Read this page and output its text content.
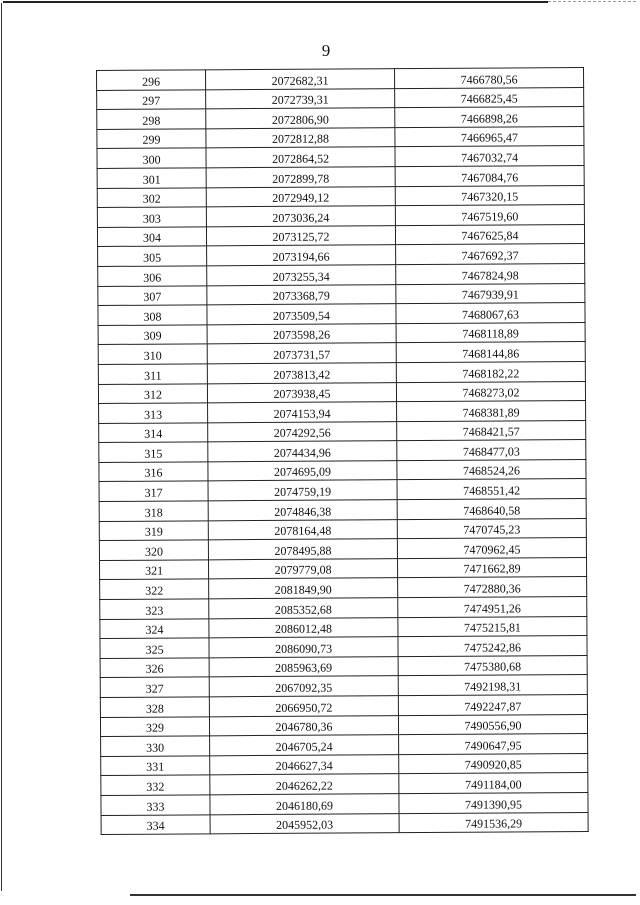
9
296	2072682,31	7466780,56
297	2072739,31	7466825,45
298	2072806,90	7466898,26
299	2072812,88	7466965,47
300	2072864,52	7467032,74
301	2072899,78	7467084,76
302	2072949,12	7467320,15
303	2073036,24	7467519,60
304	2073125,72	7467625,84
305	2073194,66	7467692,37
306	2073255,34	7467824,98
307	2073368,79	7467939,91
308	2073509,54	7468067,63
309	2073598,26	7468118,89
310	2073731,57	7468144,86
311	2073813,42	7468182,22
312	2073938,45	7468273,02
313	2074153,94	7468381,89
314	2074292,56	7468421,57
315	2074434,96	7468477,03
316	2074695,09	7468524,26
317	2074759,19	7468551,42
318	2074846,38	7468640,58
319	2078164,48	7470745,23
320	2078495,88	7470962,45
321	2079779,08	7471662,89
322	2081849,90	7472880,36
323	2085352,68	7474951,26
324	2086012,48	7475215,81
325	2086090,73	7475242,86
326	2085963,69	7475380,68
327	2067092,35	7492198,31
328	2066950,72	7492247,87
329	2046780,36	7490556,90
330	2046705,24	7490647,95
331	2046627,34	7490920,85
332	2046262,22	7491184,00
333	2046180,69	7491390,95
334	2045952,03	7491536,29
